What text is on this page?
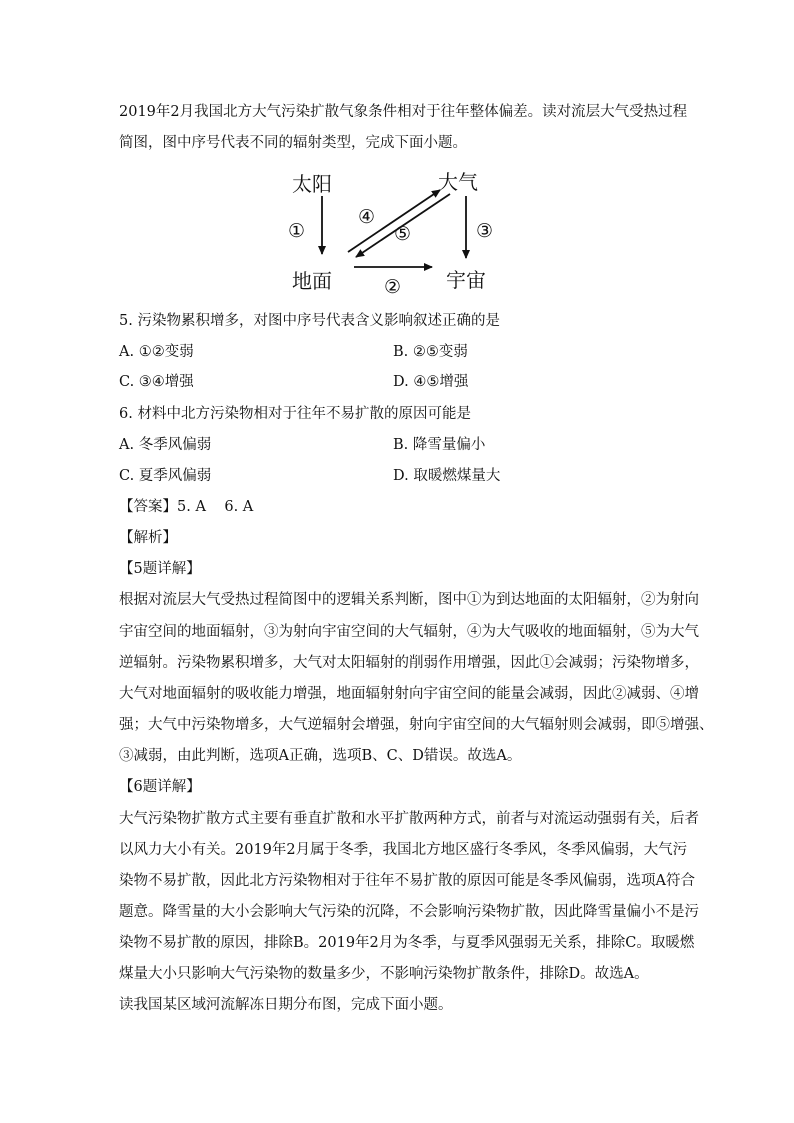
2019年2月我国北方大气污染扩散气象条件相对于往年整体偏差。读对流层大气受热过程
简图，图中序号代表不同的辐射类型，完成下面小题。
太阳	大气
地面	宇宙
①
②
③
④
⑤
5. 污染物累积增多，对图中序号代表含义影响叙述正确的是
A. ①②变弱	B. ②⑤变弱
C. ③④增强	D. ④⑤增强
6. 材料中北方污染物相对于往年不易扩散的原因可能是
A. 冬季风偏弱	B. 降雪量偏小
C. 夏季风偏弱	D. 取暖燃煤量大
【答案】5. A    6. A
【解析】
【5题详解】
根据对流层大气受热过程简图中的逻辑关系判断，图中①为到达地面的太阳辐射，②为射向
宇宙空间的地面辐射，③为射向宇宙空间的大气辐射，④为大气吸收的地面辐射，⑤为大气
逆辐射。污染物累积增多，大气对太阳辐射的削弱作用增强，因此①会减弱；污染物增多，
大气对地面辐射的吸收能力增强，地面辐射射向宇宙空间的能量会减弱，因此②减弱、④增
强；大气中污染物增多，大气逆辐射会增强，射向宇宙空间的大气辐射则会减弱，即⑤增强、
③减弱，由此判断，选项A正确，选项B、C、D错误。故选A。
【6题详解】
大气污染物扩散方式主要有垂直扩散和水平扩散两种方式，前者与对流运动强弱有关，后者
以风力大小有关。2019年2月属于冬季，我国北方地区盛行冬季风，冬季风偏弱，大气污
染物不易扩散，因此北方污染物相对于往年不易扩散的原因可能是冬季风偏弱，选项A符合
题意。降雪量的大小会影响大气污染的沉降，不会影响污染物扩散，因此降雪量偏小不是污
染物不易扩散的原因，排除B。2019年2月为冬季，与夏季风强弱无关系，排除C。取暖燃
煤量大小只影响大气污染物的数量多少，不影响污染物扩散条件，排除D。故选A。
读我国某区域河流解冻日期分布图，完成下面小题。
